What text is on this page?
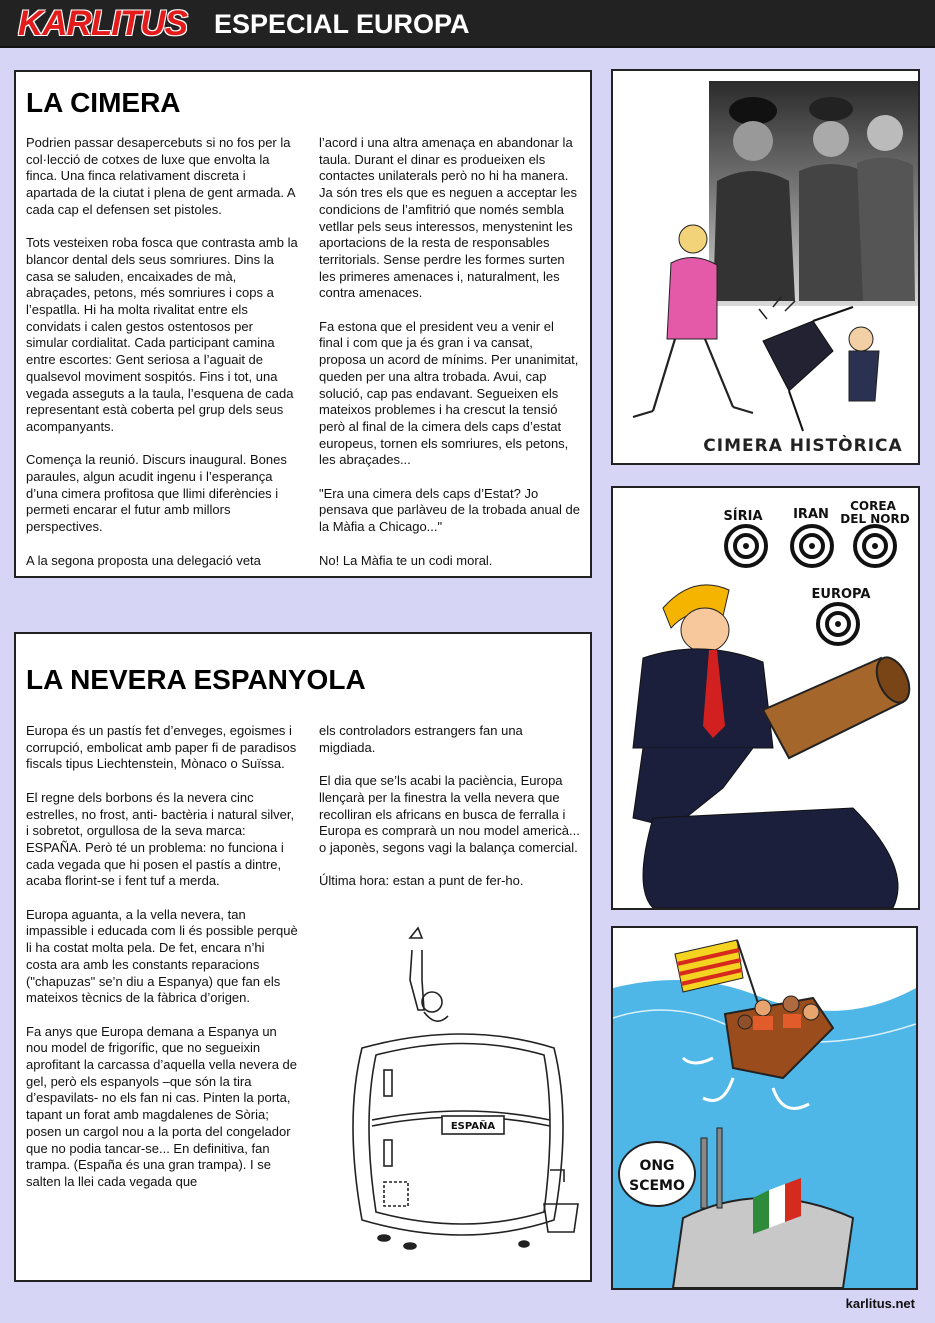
KARLITUS ESPECIAL EUROPA
LA CIMERA

Podrien passar desapercebuts si no fos per la col·lecció de cotxes de luxe que envolta la finca. Una finca relativament discreta i apartada de la ciutat i plena de gent armada. A cada cap el defensen set pistoles.

Tots vesteixen roba fosca que contrasta amb la blancor dental dels seus somriures. Dins la casa se saluden, encaixades de mà, abraçades, petons, més somriures i cops a l’espatlla. Hi ha molta rivalitat entre els convidats i calen gestos ostentosos per simular cordialitat. Cada participant camina entre escortes: Gent seriosa a l’aguait de qualsevol moviment sospitós. Fins i tot, una vegada asseguts a la taula, l’esquena de cada representant està coberta pel grup dels seus acompanyants.

Comença la reunió. Discurs inaugural. Bones paraules, algun acudit ingenu i l’esperança d’una cimera profitosa que llimi diferències i permeti encarar el futur amb millors perspectives.

A la segona proposta una delegació veta

l’acord i una altra amenaça en abandonar la taula. Durant el dinar es produeixen els contactes unilaterals però no hi ha manera. Ja són tres els que es neguen a acceptar les condicions de l’amfitrió que només sembla vetllar pels seus interessos, menystenint les aportacions de la resta de responsables territorials. Sense perdre les formes surten les primeres amenaces i, naturalment, les contra amenaces.

Fa estona que el president veu a venir el final i com que ja és gran i va cansat, proposa un acord de mínims. Per unanimitat, queden per una altra trobada. Avui, cap solució, cap pas endavant. Segueixen els mateixos problemes i ha crescut la tensió però al final de la cimera dels caps d’estat europeus, tornen els somriures, els petons, les abraçades...

"Era una cimera dels caps d’Estat? Jo pensava que parlàveu de la trobada anual de la Màfia a Chicago..."

No! La Màfia te un codi moral.

LA NEVERA ESPANYOLA

Europa és un pastís fet d’enveges, egoismes i corrupció, embolicat amb paper fi de paradisos fiscals tipus Liechtenstein, Mònaco o Suïssa.

El regne dels borbons és la nevera cinc estrelles, no frost, anti- bactèria i natural silver, i sobretot, orgullosa de la seva marca: ESPAÑA. Però té un problema: no funciona i cada vegada que hi posen el pastís a dintre, acaba florint-se i fent tuf a merda.

Europa aguanta, a la vella nevera, tan impassible i educada com li és possible perquè li ha costat molta pela. De fet, encara n’hi costa ara amb les constants reparacions ("chapuzas" se’n diu a Espanya) que fan els mateixos tècnics de la fàbrica d’origen.

Fa anys que Europa demana a Espanya un nou model de frigorífic, que no segueixin aprofitant la carcassa d’aquella vella nevera de gel, però els espanyols –que són la tira d’espavilats- no els fan ni cas. Pinten la porta, tapant un forat amb magdalenes de Sòria; posen un cargol nou a la porta del congelador que no podia tancar-se... En definitiva, fan trampa. (España és una gran trampa). I se salten la llei cada vegada que

els controladors estrangers fan una migdiada.

El dia que se’ls acabi la paciència, Europa llençarà per la finestra la vella nevera que recolliran els africans en busca de ferralla i Europa es comprarà un nou model americà... o japonès, segons vagi la balança comercial.

Última hora: estan a punt de fer-ho.

ESPAÑA
CIMERA HISTÒRICA
SÍRIA IRAN
COREA
DEL NORD
EUROPA
ONG
SCEMO
karlitus.net
